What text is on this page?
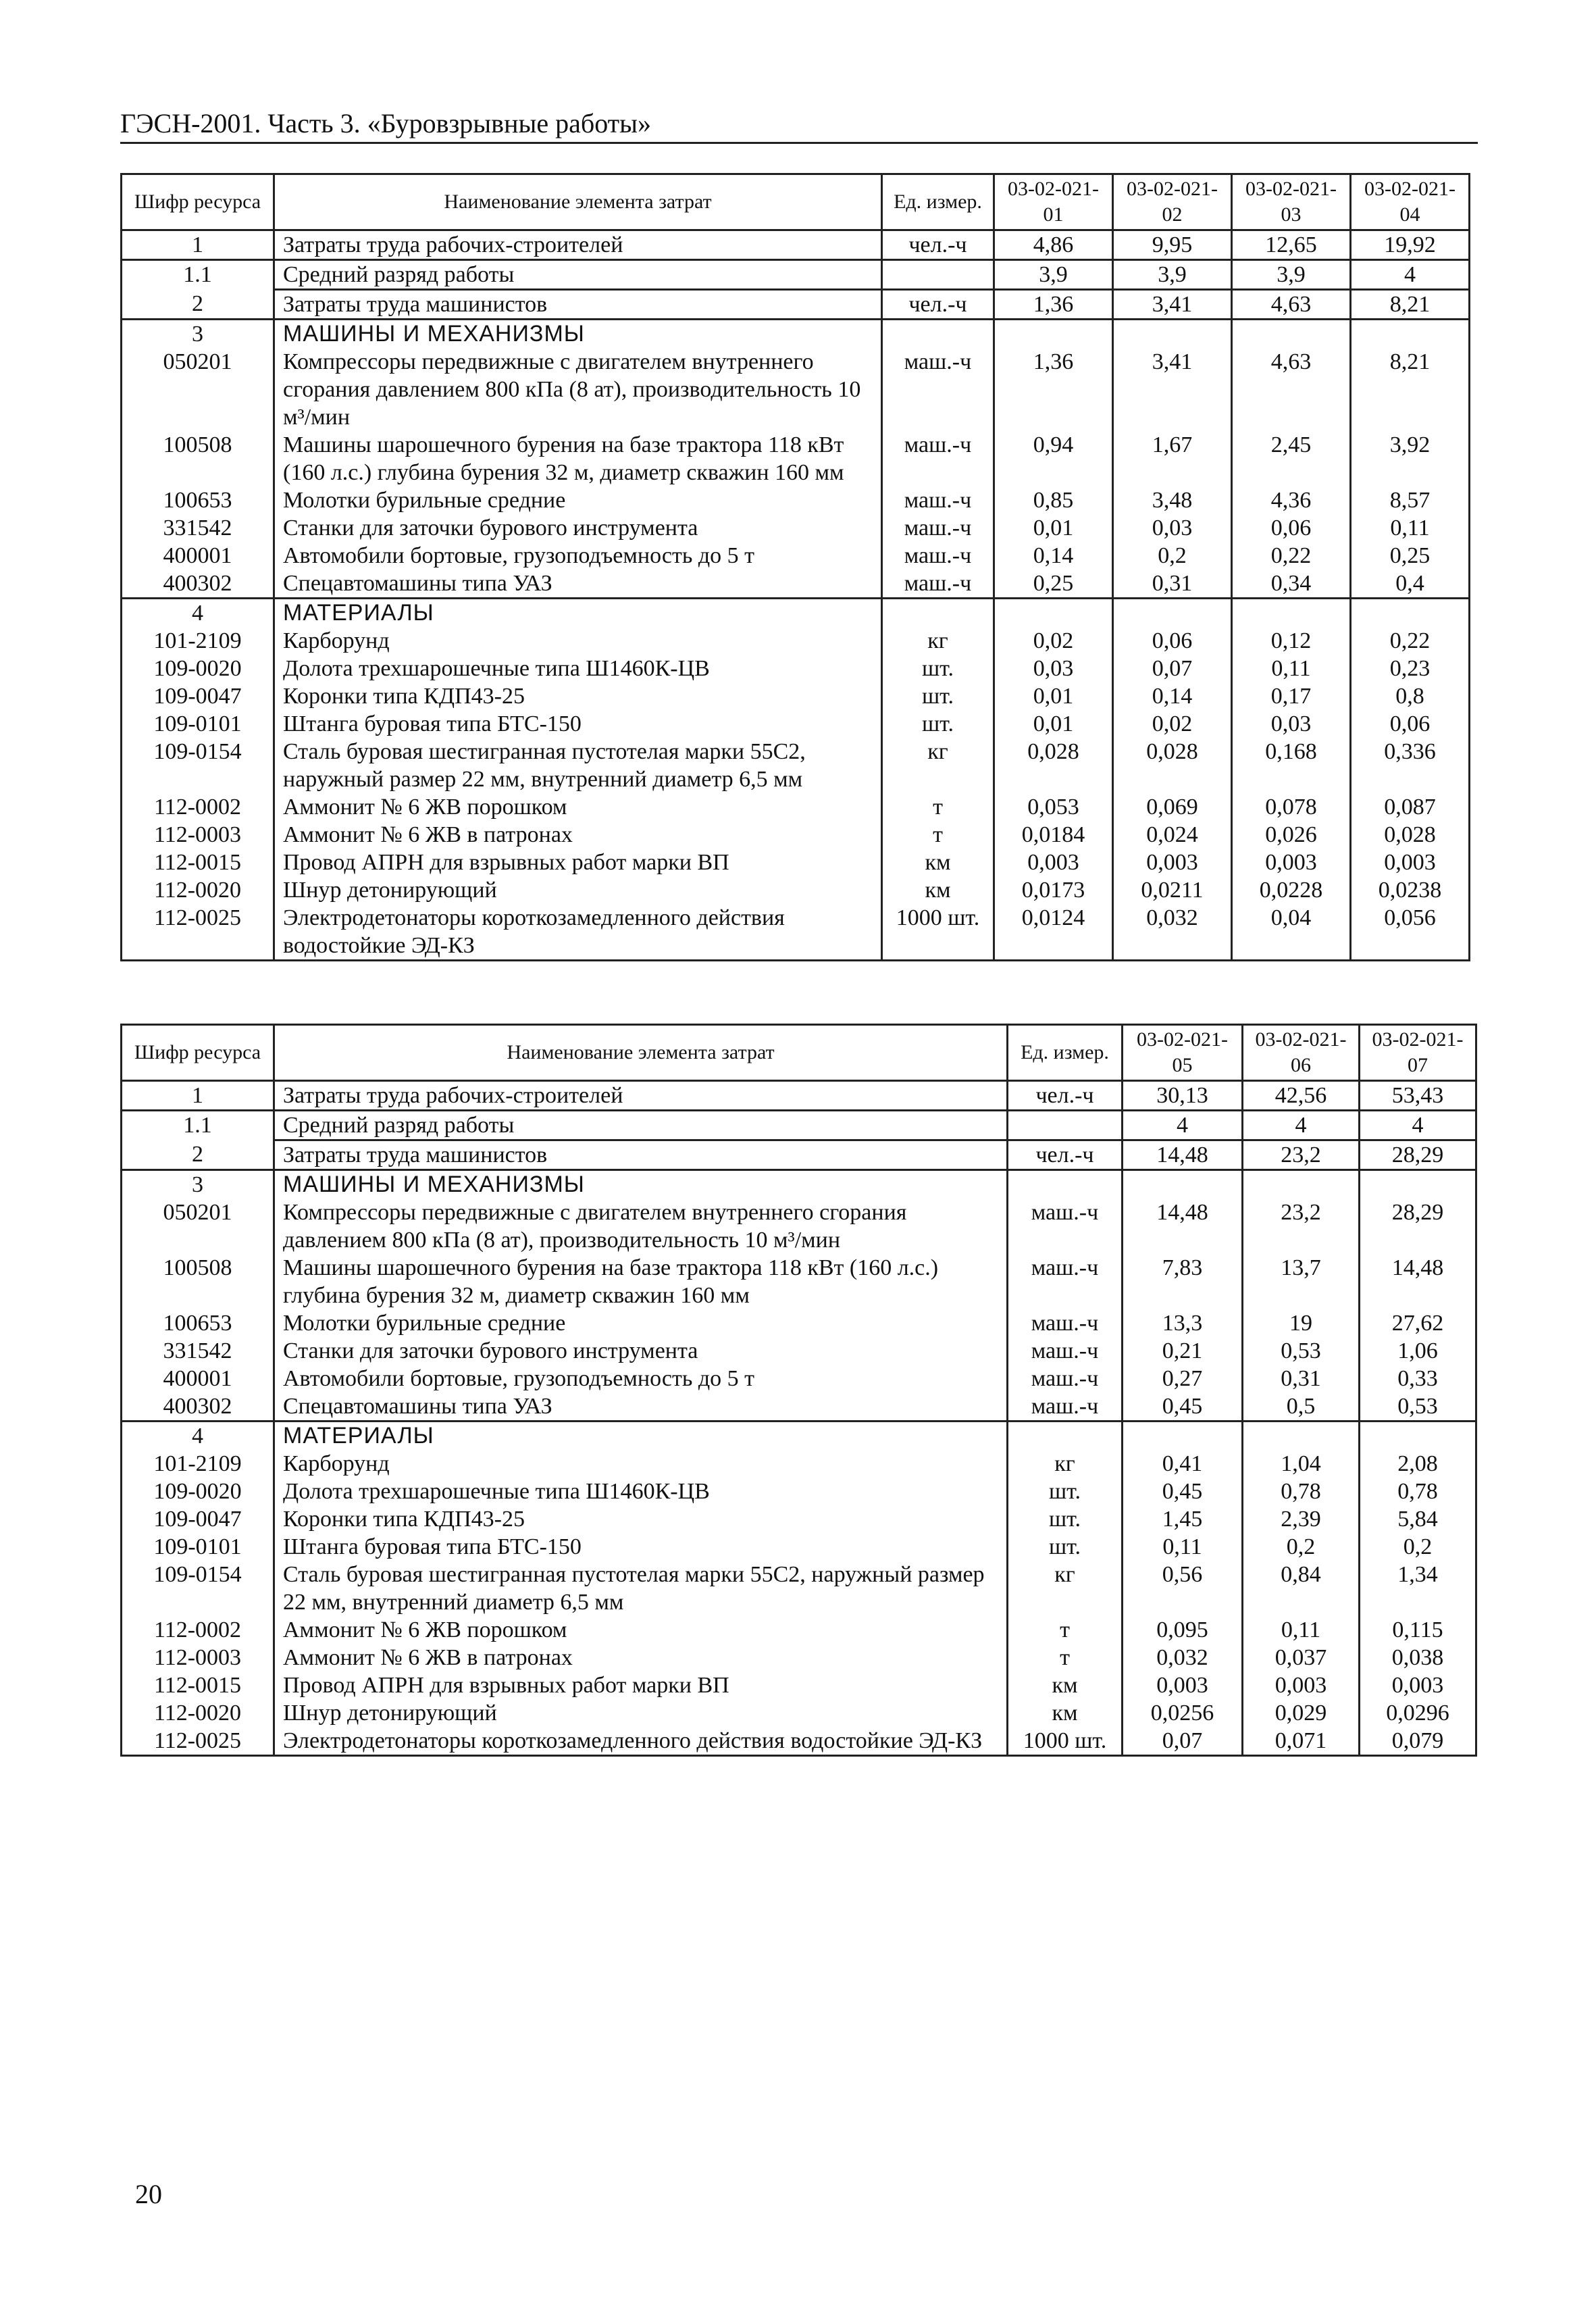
ГЭСН-2001. Часть 3. «Буровзрывные работы»
Шифр ресурса	Наименование элемента затрат	Ед. измер.	03-02-021-01	03-02-021-02	03-02-021-03	03-02-021-04
1	Затраты труда рабочих-строителей	чел.-ч	4,86	9,95	12,65	19,92
1.1	Средний разряд работы		3,9	3,9	3,9	4
2	Затраты труда машинистов	чел.-ч	1,36	3,41	4,63	8,21
3	МАШИНЫ И МЕХАНИЗМЫ					
050201	Компрессоры передвижные с двигателем внутреннего сгорания давлением 800 кПа (8 ат), производительность 10 м³/мин	маш.-ч	1,36	3,41	4,63	8,21
100508	Машины шарошечного бурения на базе трактора 118 кВт (160 л.с.) глубина бурения 32 м, диаметр скважин 160 мм	маш.-ч	0,94	1,67	2,45	3,92
100653	Молотки бурильные средние	маш.-ч	0,85	3,48	4,36	8,57
331542	Станки для заточки бурового инструмента	маш.-ч	0,01	0,03	0,06	0,11
400001	Автомобили бортовые, грузоподъемность до 5 т	маш.-ч	0,14	0,2	0,22	0,25
400302	Спецавтомашины типа УАЗ	маш.-ч	0,25	0,31	0,34	0,4
4	МАТЕРИАЛЫ					
101-2109	Карборунд	кг	0,02	0,06	0,12	0,22
109-0020	Долота трехшарошечные типа Ш1460К-ЦВ	шт.	0,03	0,07	0,11	0,23
109-0047	Коронки типа КДП43-25	шт.	0,01	0,14	0,17	0,8
109-0101	Штанга буровая типа БТС-150	шт.	0,01	0,02	0,03	0,06
109-0154	Сталь буровая шестигранная пустотелая марки 55С2, наружный размер 22 мм, внутренний диаметр 6,5 мм	кг	0,028	0,028	0,168	0,336
112-0002	Аммонит № 6 ЖВ порошком	т	0,053	0,069	0,078	0,087
112-0003	Аммонит № 6 ЖВ в патронах	т	0,0184	0,024	0,026	0,028
112-0015	Провод АПРН для взрывных работ марки ВП	км	0,003	0,003	0,003	0,003
112-0020	Шнур детонирующий	км	0,0173	0,0211	0,0228	0,0238
112-0025	Электродетонаторы короткозамедленного действия водостойкие ЭД-КЗ	1000 шт.	0,0124	0,032	0,04	0,056
Шифр ресурса	Наименование элемента затрат	Ед. измер.	03-02-021-05	03-02-021-06	03-02-021-07
1	Затраты труда рабочих-строителей	чел.-ч	30,13	42,56	53,43
1.1	Средний разряд работы		4	4	4
2	Затраты труда машинистов	чел.-ч	14,48	23,2	28,29
3	МАШИНЫ И МЕХАНИЗМЫ				
050201	Компрессоры передвижные с двигателем внутреннего сгорания давлением 800 кПа (8 ат), производительность 10 м³/мин	маш.-ч	14,48	23,2	28,29
100508	Машины шарошечного бурения на базе трактора 118 кВт (160 л.с.) глубина бурения 32 м, диаметр скважин 160 мм	маш.-ч	7,83	13,7	14,48
100653	Молотки бурильные средние	маш.-ч	13,3	19	27,62
331542	Станки для заточки бурового инструмента	маш.-ч	0,21	0,53	1,06
400001	Автомобили бортовые, грузоподъемность до 5 т	маш.-ч	0,27	0,31	0,33
400302	Спецавтомашины типа УАЗ	маш.-ч	0,45	0,5	0,53
4	МАТЕРИАЛЫ				
101-2109	Карборунд	кг	0,41	1,04	2,08
109-0020	Долота трехшарошечные типа Ш1460К-ЦВ	шт.	0,45	0,78	0,78
109-0047	Коронки типа КДП43-25	шт.	1,45	2,39	5,84
109-0101	Штанга буровая типа БТС-150	шт.	0,11	0,2	0,2
109-0154	Сталь буровая шестигранная пустотелая марки 55С2, наружный размер 22 мм, внутренний диаметр 6,5 мм	кг	0,56	0,84	1,34
112-0002	Аммонит № 6 ЖВ порошком	т	0,095	0,11	0,115
112-0003	Аммонит № 6 ЖВ в патронах	т	0,032	0,037	0,038
112-0015	Провод АПРН для взрывных работ марки ВП	км	0,003	0,003	0,003
112-0020	Шнур детонирующий	км	0,0256	0,029	0,0296
112-0025	Электродетонаторы короткозамедленного действия водостойкие ЭД-КЗ	1000 шт.	0,07	0,071	0,079
20
